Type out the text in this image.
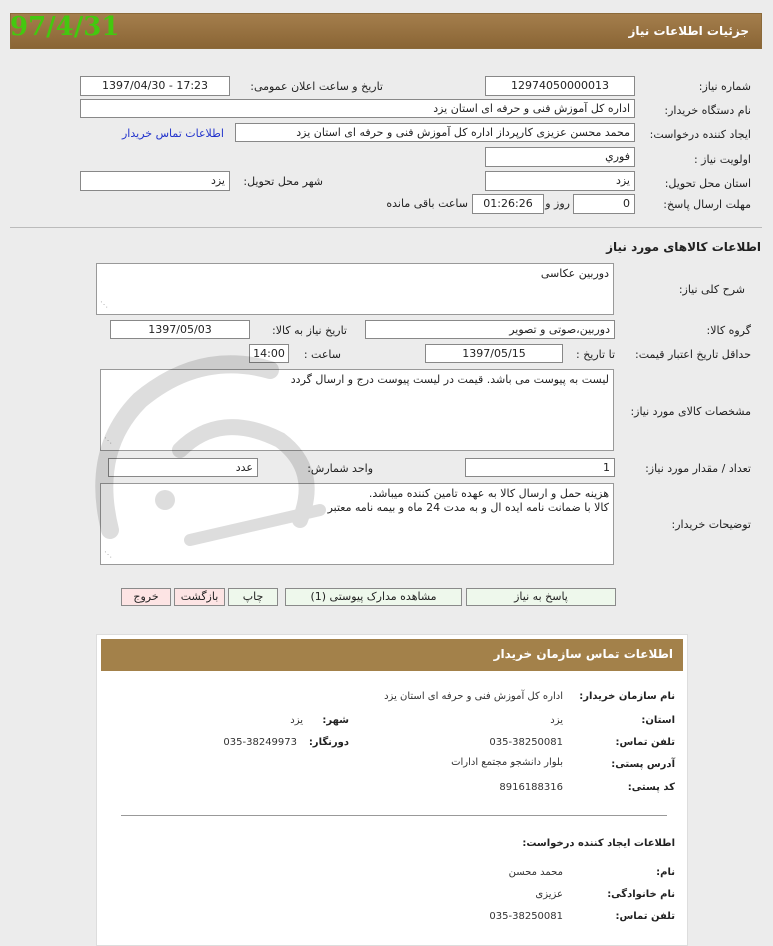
جزئیات اطلاعات نیاز
97/4/31
شماره نیاز:
12974050000013
تاریخ و ساعت اعلان عمومی:
1397/04/30 - 17:23
نام دستگاه خریدار:
اداره کل آموزش فنی و حرفه ای استان یزد
ایجاد کننده درخواست:
محمد محسن عزیزی کارپرداز اداره کل آموزش فنی و حرفه ای استان یزد
اطلاعات تماس خریدار
اولویت نیاز :
فوري
استان محل تحویل:
یزد
شهر محل تحویل:
یزد
مهلت ارسال پاسخ:
0
روز و
01:26:26
ساعت باقی مانده
اطلاعات کالاهای مورد نیاز
شرح کلی نیاز:
دوربین عکاسی
⋰
گروه کالا:
دوربین،صوتی و تصویر
تاریخ نیاز به کالا:
1397/05/03
حداقل تاریخ اعتبار قیمت:
تا تاریخ :
1397/05/15
ساعت :
14:00
مشخصات کالای مورد نیاز:
لیست به پیوست می باشد. قیمت در لیست پیوست درج و ارسال گردد
⋰
تعداد / مقدار مورد نیاز:
1
واحد شمارش:
عدد
توضیحات خریدار:
هزینه حمل و ارسال کالا به عهده تامین کننده میباشد.
کالا با ضمانت نامه ایده ال و به مدت 24 ماه و بیمه نامه معتبر
⋰
پاسخ به نیاز
مشاهده مدارک پیوستی (1)
چاپ
بازگشت
خروج
اطلاعات تماس سازمان خریدار
نام سازمان خریدار:
اداره کل آموزش فنی و حرفه ای استان یزد
استان:
یزد
شهر:
یزد
تلفن تماس:
035-38250081
دورنگار:
035-38249973
آدرس پستی:
بلوار دانشجو مجتمع ادارات
کد پستی:
8916188316
اطلاعات ایجاد کننده درخواست:
نام:
محمد محسن
نام خانوادگی:
عزیزی
تلفن تماس:
035-38250081
